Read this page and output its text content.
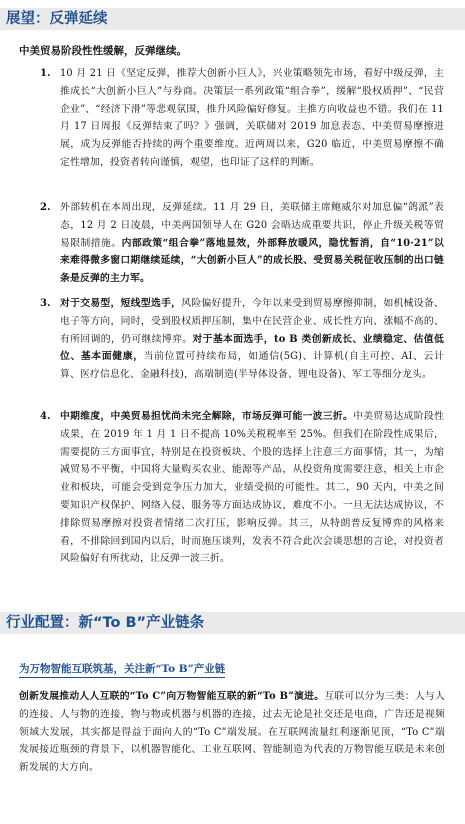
展望：反弹延续
中美贸易阶段性性缓解，反弹继续。
1. 10 月 21 日《坚定反弹，推荐大创新小巨人》，兴业策略领先市场，看好中级反弹，主推成长“大创新小巨人”与券商。决策层一系列政策“组合拳”，缓解“股权质押”、“民营企业”、“经济下滑”等悲观氛围，推升风险偏好修复。主推方向收益也不错。我们在 11 月 17 日周报《反弹结束了吗？》强调，关联储对 2019 加息表态、中美贸易摩擦进展，成为反弹能否持续的两个重要维度。近两周以来，G20 临近，中美贸易摩擦不确定性增加，投资者转向谨慎，观望，也印证了这样的判断。
2. 外部转机在本周出现，反弹延续。11 月 29 日，美联储主席鲍威尔对加息偏“鸽派”表态，12 月 2 日凌晨，中美两国领导人在 G20 会晤达成重要共识，停止升级关税等贸易限制措施。内部政策“组合拳”落地显效，外部释放暖风，隐忧暂消，自“10·21”以来难得微多窗口期继续延续，“大创新小巨人”的成长股、受贸易关税征收压制的出口链条是反弹的主力军。
3. 对于交易型，短线型选手，风险偏好提升，今年以来受到贸易摩擦抑制，如机械设备、电子等方向，同时，受到股权质押压制，集中在民营企业、成长性方向、涨幅不高的、有所回调的，仍可继续博弈。对于基本面选手，to B 类创新成长、业绩稳定、估值低位、基本面健康，当前位置可持续布局，如通信(5G)、计算机(自主可控、AI、云计算、医疗信息化、金融科技)，高端制造(半导体设备、锂电设备)、军工等细分龙头。
4. 中期维度，中美贸易担忧尚未完全解除，市场反弹可能一波三折。中美贸易达成阶段性成果，在 2019 年 1 月 1 日不提高 10%关税税率至 25%。但我们在阶段性成果后，需要提防三方面事宜，特别是在投资板块、个股的选择上注意三方面事情，其一，为缩减贸易不平衡，中国将大量购买农业、能源等产品，从投资角度需要注意，相关上市企业和板块，可能会受到竞争压力加大，业绩受损的可能性。其二，90 天内，中美之间要知识产权保护、网络入侵、服务等方面达成协议，难度不小。一旦无法达成协议，不排除贸易摩擦对投资者情绪二次打压，影响反弹。其三，从特朗普反复博弈的风格来看，不排除回到国内以后，时而施压谈判，发表不符合此次会谈思想的言论，对投资者风险偏好有所扰动，让反弹一波三折。
行业配置：新“To B”产业链条
为万物智能互联筑基，关注新“To B”产业链
创新发展推动人人互联的“To C”向万物智能互联的新“To B”演进。互联可以分为三类：人与人的连接、人与物的连接，物与物或机器与机器的连接，过去无论是社交还是电商，广告还是视频领域大发展，其实都是得益于面向人的“To C”端发展。在互联网流量红利逐渐见顶，“To C”端发展接近瓶颈的背景下，以机器智能化、工业互联网、智能制造为代表的万物智能互联是未来创新发展的大方向。
